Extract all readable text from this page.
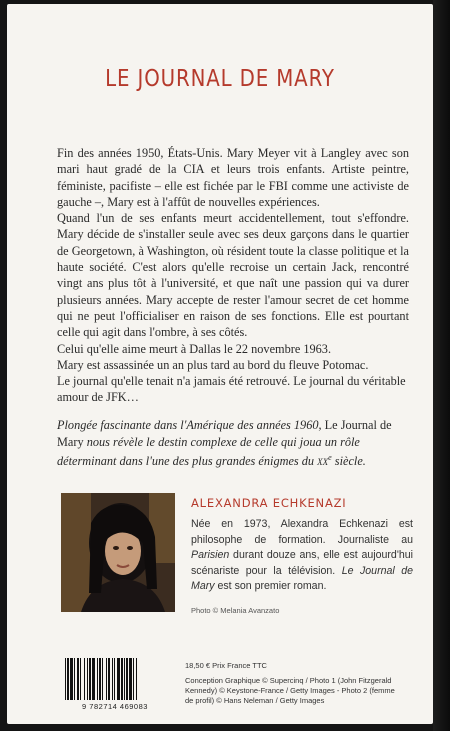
LE JOURNAL DE MARY

Fin des années 1950, États-Unis. Mary Meyer vit à Langley avec son mari haut gradé de la CIA et leurs trois enfants. Artiste peintre, féministe, pacifiste – elle est fichée par le FBI comme une activiste de gauche –, Mary est à l'affût de nouvelles expériences.

Quand l'un de ses enfants meurt accidentellement, tout s'effondre. Mary décide de s'installer seule avec ses deux garçons dans le quartier de Georgetown, à Washington, où résident toute la classe politique et la haute société. C'est alors qu'elle recroise un certain Jack, rencontré vingt ans plus tôt à l'université, et que naît une passion qui va durer plusieurs années. Mary accepte de rester l'amour secret de cet homme qui ne peut l'officialiser en raison de ses fonctions. Elle est pourtant celle qui agit dans l'ombre, à ses côtés.

Celui qu'elle aime meurt à Dallas le 22 novembre 1963.

Mary est assassinée un an plus tard au bord du fleuve Potomac.

Le journal qu'elle tenait n'a jamais été retrouvé. Le journal du véritable amour de JFK…

Plongée fascinante dans l'Amérique des années 1960, Le Journal de Mary nous révèle le destin complexe de celle qui joua un rôle déterminant dans l'une des plus grandes énigmes du $xx^e$ siècle.
ALEXANDRA ECHKENAZI

Née en 1973, Alexandra Echkenazi est philosophe de formation. Journaliste au Parisien durant douze ans, elle est aujourd'hui scénariste pour la télévision. Le Journal de Mary est son premier roman.

Photo © Melania Avanzato
9 782714 469083
18,50 € Prix France TTC
Conception Graphique © Supercinq / Photo 1 (John Fitzgerald Kennedy) © Keystone-France / Getty Images - Photo 2 (femme de profil) © Hans Neleman / Getty Images
